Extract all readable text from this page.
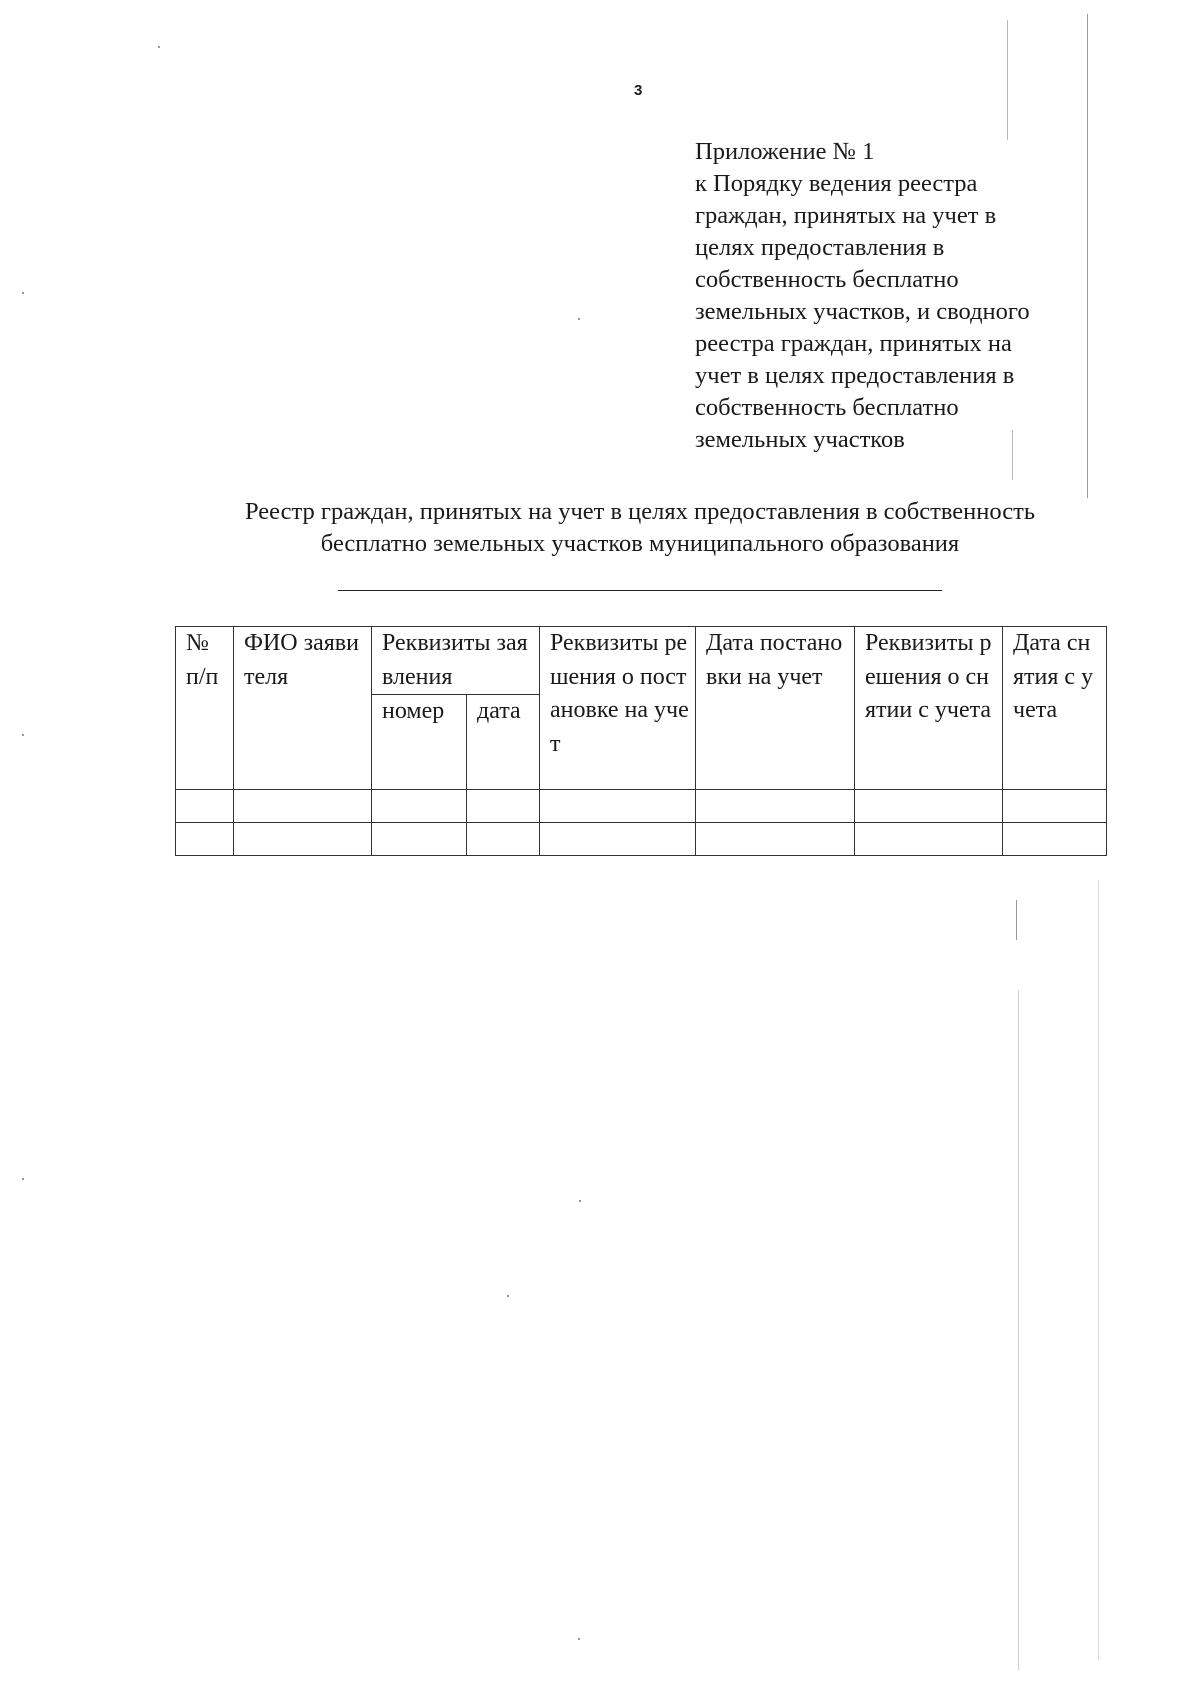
3
Приложение № 1
к Порядку ведения реестра
граждан, принятых на учет в
целях предоставления в
собственность бесплатно
земельных участков, и сводного
реестра граждан, принятых на
учет в целях предоставления в
собственность бесплатно
земельных участков
Реестр граждан, принятых на учет в целях предоставления в собственность
бесплатно земельных участков муниципального образования
№ п/п	ФИО заявителя	Реквизиты заявления		Реквизиты решения о постановке на учет	Дата постановки на учет	Реквизиты решения о снятии с учета	Дата снятия с учета
		номер	дата				
